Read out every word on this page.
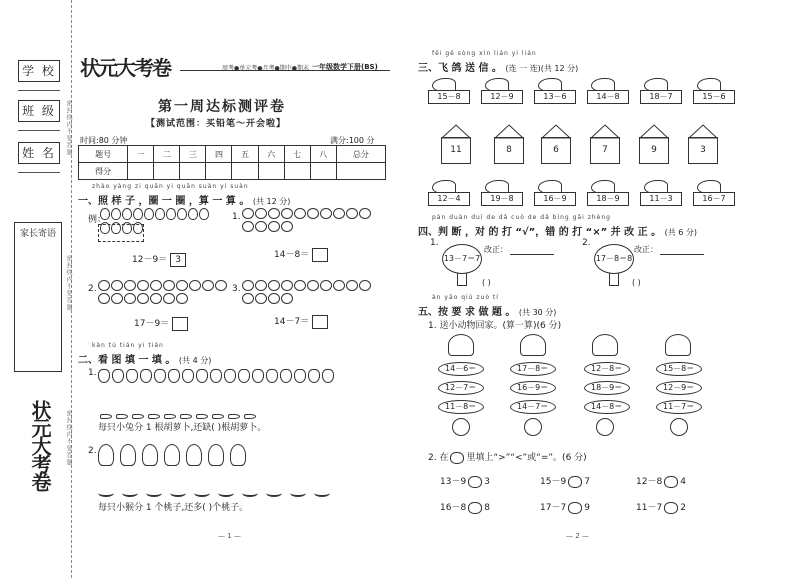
学 校
班 级
姓 名
家长寄语
密封线内不要答题
密封线内不要答题
密封线内不要答题
状元大考卷
状元大考卷	周考●单元考●月考●期中●期末 一年级数学下册(BS)
第一周达标测评卷
【测试范围：买铅笔～开会啦】
时间:80 分钟	满分:100 分
题号	一	二	三	四	五	六	七	八	总分
得分									
zhào yàng zi quān yi quān suàn yi suàn
一、照 样 子 ，圈 一 圈 ，算 一 算 。 (共 12 分)
例：
12－9＝ 3
1.
14－8＝
2.
17－9＝
3.
14－7＝
kàn tú tián yi tián
二、看 图 填 一 填 。 (共 4 分)
1.
每只小兔分 1 根胡萝卜,还缺( )根胡萝卜。
2.
每只小猴分 1 个桃子,还多( )个桃子。
— 1 —
fēi gē sòng xìn lián yi lián
三、飞 鸽 送 信 。 (连 一 连)(共 12 分)
15－8	12－9	13－6	14－8	18－7	15－6
11	8	6	7	9	3
12－4	19－8	16－9	18－9	11－3	16－7
pàn duàn duì de dǎ cuò de dǎ bìng gǎi zhèng
四、判 断 ，对 的 打 “√”，错 的 打 “×” 并 改 正 。 (共 6 分)
1.
13－7＝7
改正：
( )
2.
17－8＝8
改正：
( )
àn yāo qiú zuò tí
五、按 要 求 做 题 。 (共 30 分)
1. 送小动物回家。(算一算)(6 分)
14－6＝
12－7＝
11－8＝
17－8＝
16－9＝
14－7＝
12－8＝
18－9＝
14－8＝
15－8＝
12－9＝
11－7＝
2. 在 里填上“>”“<”或“=”。(6 分)
13－9 3	15－9 7	12－8 4
16－8 8	17－7 9	11－7 2
— 2 —
